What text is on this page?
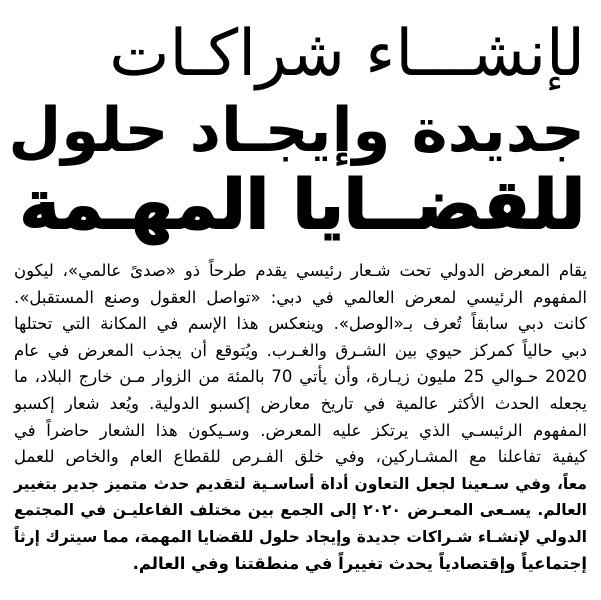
لإنشـــاء شراكـات
جديدة وإيجـاد حلول
للقضــايا المهـمة
يقام المعرض الدولي تحت شـعار رئيسي يقدم طرحاً ذو «صدىً عالمي»، ليكون
المفهوم الرئيسي لمعرض العالمي في دبي: «تواصل العقول وصنع المستقبل».
كانت دبي سابقاً تُعرف بـ«الوصل». وينعكس هذا الإسم في المكانة التي تحتلها
دبي حالياً كمركز حيوي بين الشـرق والغـرب. ويُتوقع أن يجذب المعرض في عام
2020 حـوالي 25 مليون زيـارة، وأن يأتي 70 بالمئة من الزوار مـن خارج البلاد، ما
يجعله الحدث الأكثر عالمية في تاريخ معارض إكسبو الدولية. ويُعد شعار إكسبو
المفهوم الرئيسـي الذي يرتكز عليه المعرض. وسـيكون هذا الشعار حاضراً في
كيفية تفاعلنا مع المشـاركين، وفي خلق الفـرص للقطاع العام والخاص للعمل
معاً، وفي سـعينا لجعل التعاون أداة أساسـية لتقديم حدث متميز جدير بتغيير
العالم. يسـعى المعـرض ٢٠٢٠ إلى الجمع بين مختلف الفاعليـن في المجتمع
الدولي لإنشـاء شـراكات جديدة وإيجاد حلول للقضايا المهمة، مما سيترك إرثاً
إجتماعياً وإقتصادياً يحدث تغييراً في منطقتنا وفي العالم.
